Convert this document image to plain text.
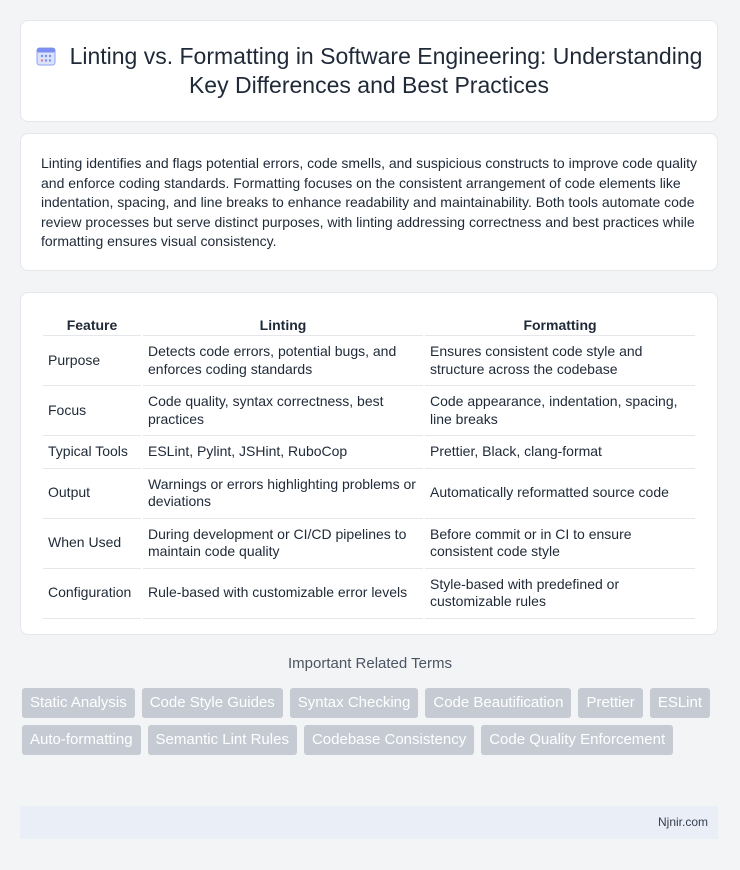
Linting vs. Formatting in Software Engineering: Understanding Key Differences and Best Practices

Linting identifies and flags potential errors, code smells, and suspicious constructs to improve code quality and enforce coding standards. Formatting focuses on the consistent arrangement of code elements like indentation, spacing, and line breaks to enhance readability and maintainability. Both tools automate code review processes but serve distinct purposes, with linting addressing correctness and best practices while formatting ensures visual consistency.

Feature	Linting	Formatting
Purpose	Detects code errors, potential bugs, and enforces coding standards	Ensures consistent code style and structure across the codebase
Focus	Code quality, syntax correctness, best practices	Code appearance, indentation, spacing, line breaks
Typical Tools	ESLint, Pylint, JSHint, RuboCop	Prettier, Black, clang-format
Output	Warnings or errors highlighting problems or deviations	Automatically reformatted source code
When Used	During development or CI/CD pipelines to maintain code quality	Before commit or in CI to ensure consistent code style
Configuration	Rule-based with customizable error levels	Style-based with predefined or customizable rules
Important Related Terms
Static Analysis	Code Style Guides	Syntax Checking	Code Beautification	Prettier	ESLint
Auto-formatting	Semantic Lint Rules	Codebase Consistency	Code Quality Enforcement
Njnir.com
